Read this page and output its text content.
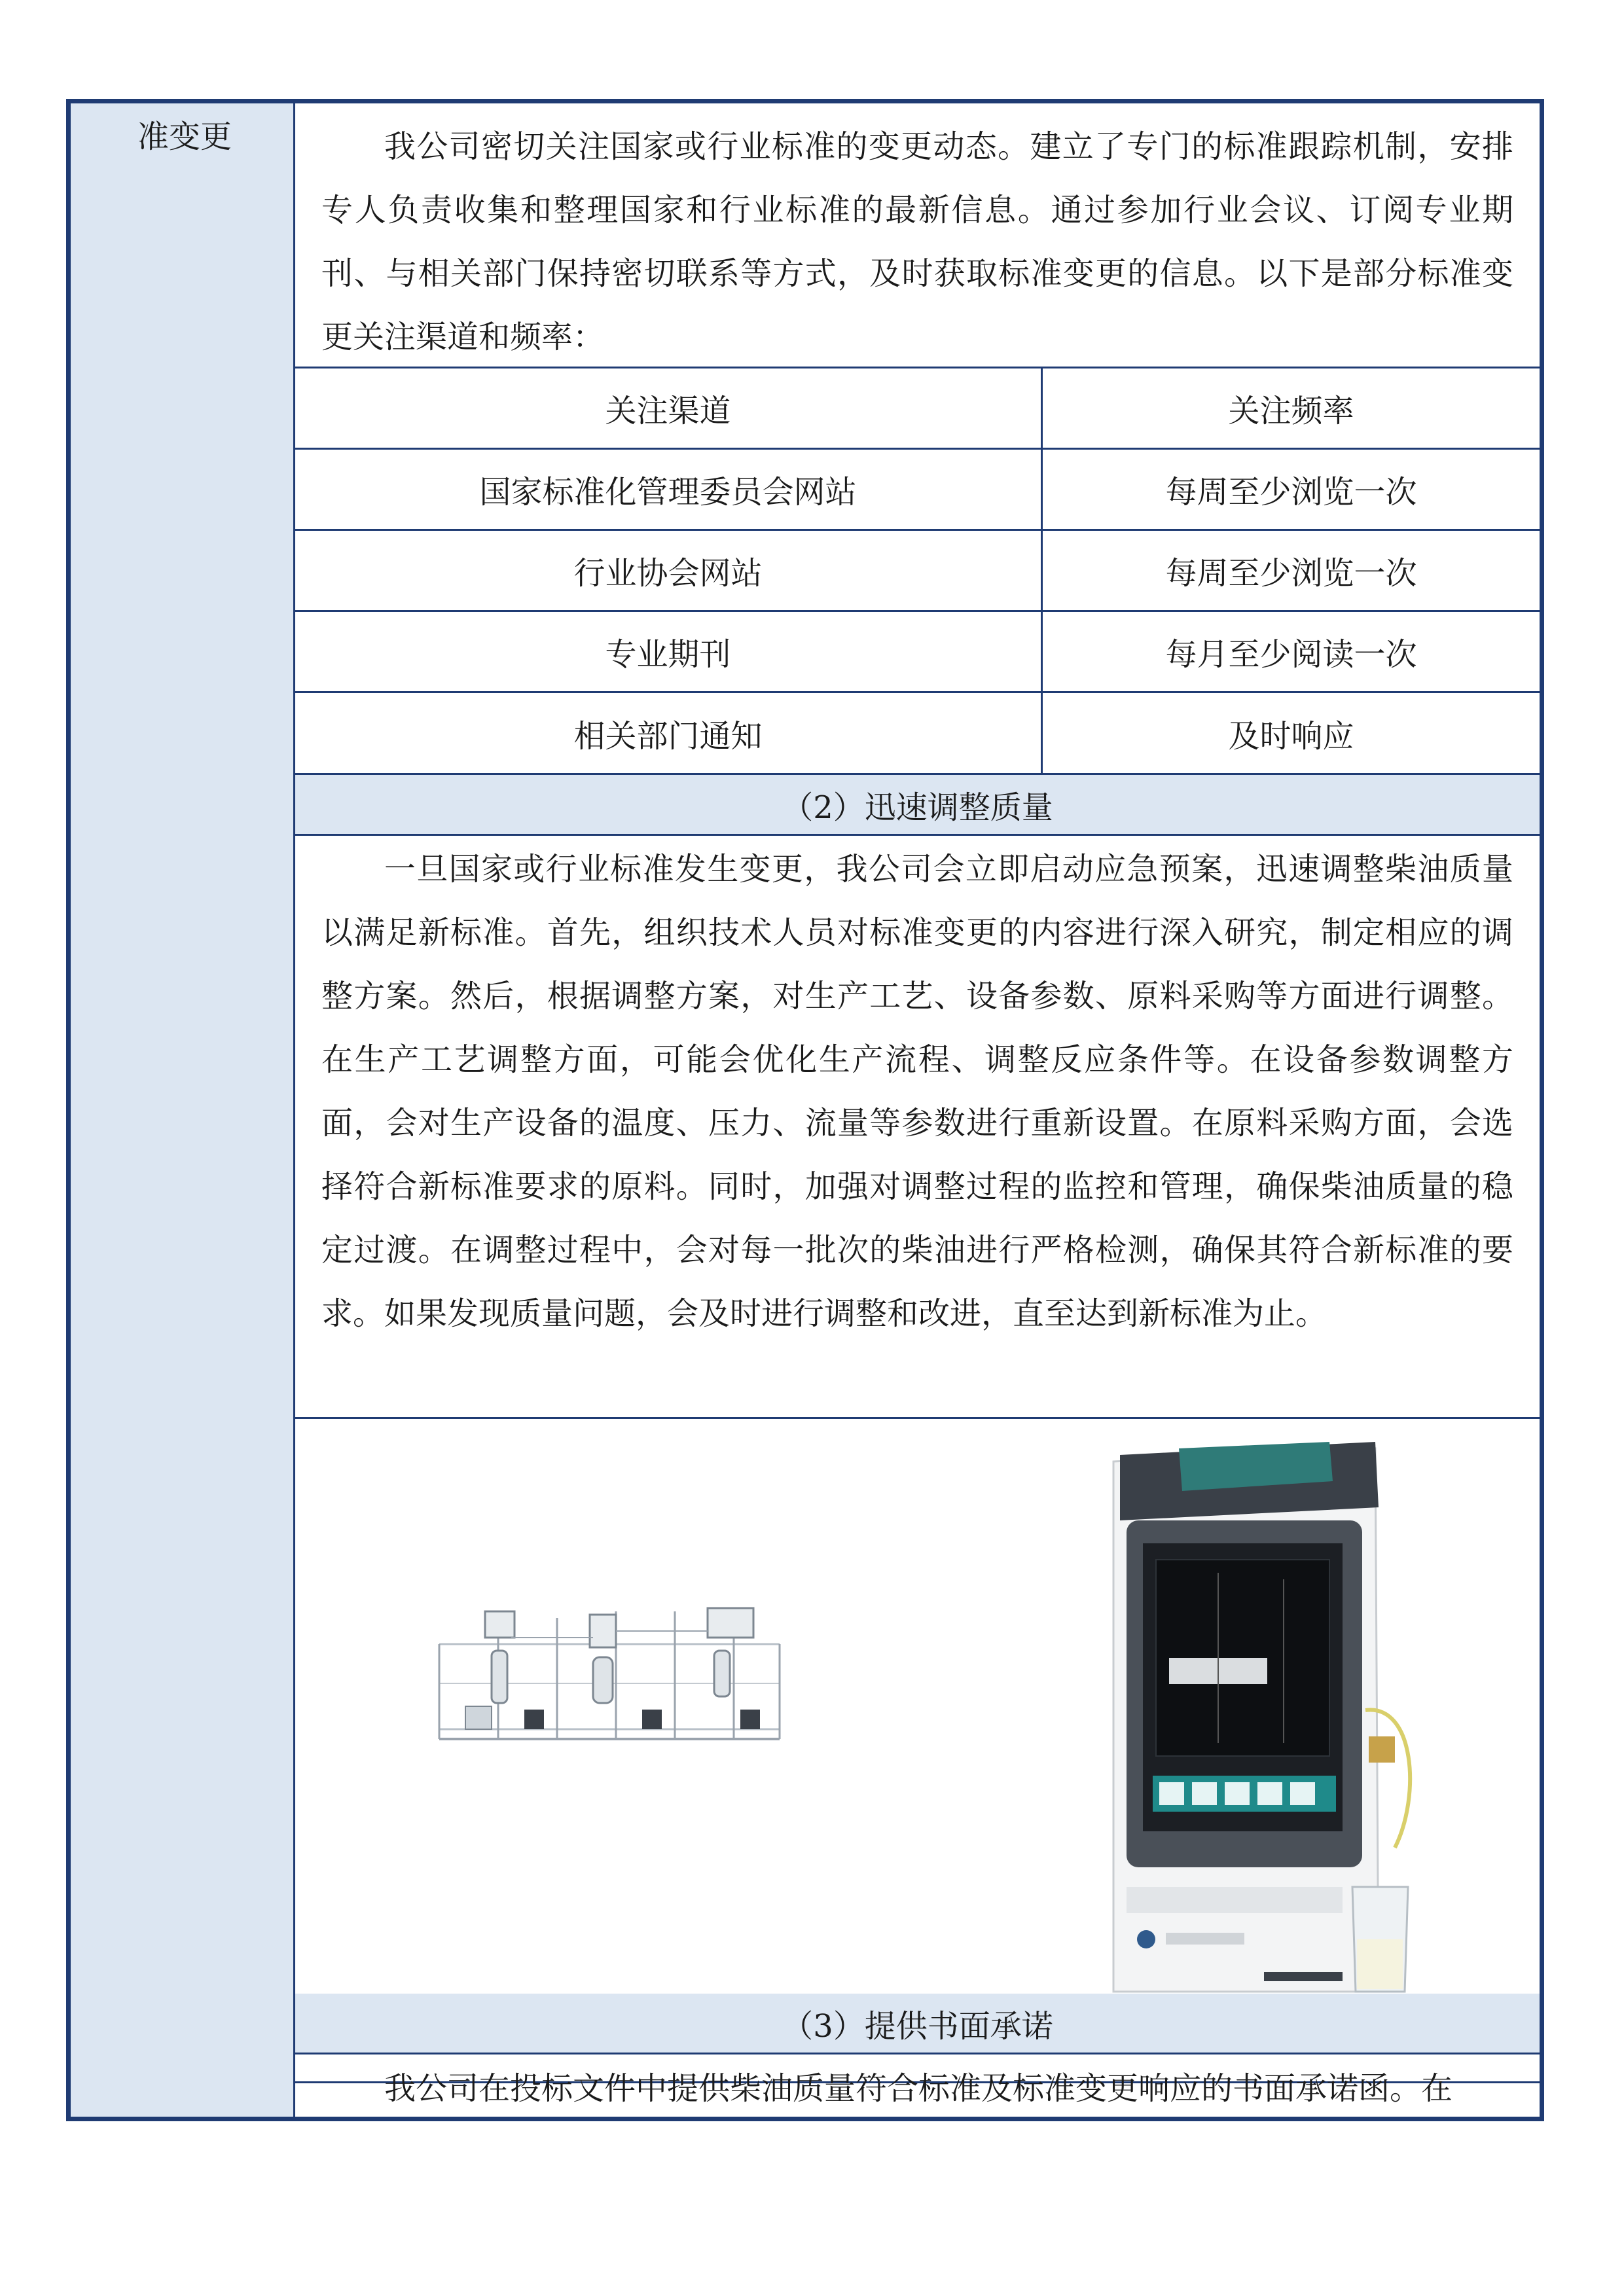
准变更	我公司密切关注国家或行业标准的变更动态。建立了专门的标准跟踪机制，安排专人负责收集和整理国家和行业标准的最新信息。通过参加行业会议、订阅专业期刊、与相关部门保持密切联系等方式，及时获取标准变更的信息。以下是部分标准变更关注渠道和频率：
关注渠道	关注频率
国家标准化管理委员会网站	每周至少浏览一次
行业协会网站	每周至少浏览一次
专业期刊	每月至少阅读一次
相关部门通知	及时响应
（2）迅速调整质量
一旦国家或行业标准发生变更，我公司会立即启动应急预案，迅速调整柴油质量以满足新标准。首先，组织技术人员对标准变更的内容进行深入研究，制定相应的调整方案。然后，根据调整方案，对生产工艺、设备参数、原料采购等方面进行调整。在生产工艺调整方面，可能会优化生产流程、调整反应条件等。在设备参数调整方面，会对生产设备的温度、压力、流量等参数进行重新设置。在原料采购方面，会选择符合新标准要求的原料。同时，加强对调整过程的监控和管理，确保柴油质量的稳定过渡。在调整过程中，会对每一批次的柴油进行严格检测，确保其符合新标准的要求。如果发现质量问题，会及时进行调整和改进，直至达到新标准为止。
（3）提供书面承诺
我公司在投标文件中提供柴油质量符合标准及标准变更响应的书面承诺函。在
